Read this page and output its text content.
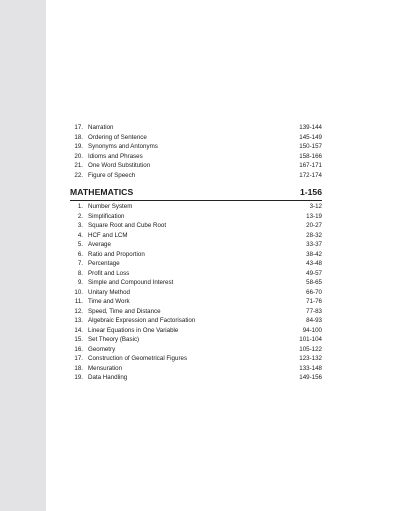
17. Narration	139-144
18. Ordering of Sentence	145-149
19. Synonyms and Antonyms	150-157
20. Idioms and Phrases	158-166
21. One Word Substitution	167-171
22. Figure of Speech	172-174
MATHEMATICS	1-156
1. Number System	3-12
2. Simplification	13-19
3. Square Root and Cube Root	20-27
4. HCF and LCM	28-32
5. Average	33-37
6. Ratio and Proportion	38-42
7. Percentage	43-48
8. Profit and Loss	49-57
9. Simple and Compound Interest	58-65
10. Unitary Method	66-70
11. Time and Work	71-76
12. Speed, Time and Distance	77-83
13. Algebraic Expression and Factorisation	84-93
14. Linear Equations in One Variable	94-100
15. Set Theory (Basic)	101-104
16. Geometry	105-122
17. Construction of Geometrical Figures	123-132
18. Mensuration	133-148
19. Data Handling	149-156
